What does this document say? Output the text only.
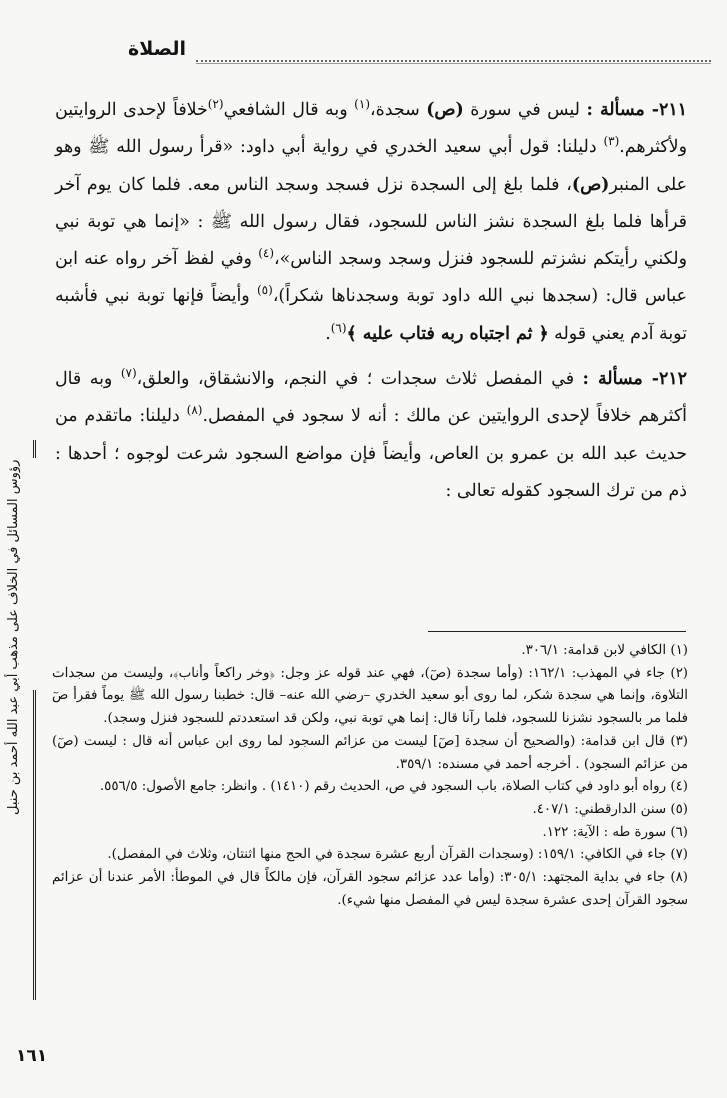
الصلاة

٢١١- مسألة : ليس في سورة (ص) سجدة،$^{(١)}$ وبه قال الشافعي$^{(٢)}$خلافاً لإحدى الروايتين ولأكثرهم.$^{(٣)}$ دليلنا: قول أبي سعيد الخدري في رواية أبي داود: «قرأ رسول الله ﷺ وهو على المنبر(ص)، فلما بلغ إلى السجدة نزل فسجد وسجد الناس معه. فلما كان يوم آخر قرأها فلما بلغ السجدة نشز الناس للسجود، فقال رسول الله ﷺ : «إنما هي توبة نبي ولكني رأيتكم نشزتم للسجود فنزل وسجد وسجد الناس»،$^{(٤)}$ وفي لفظ آخر رواه عنه ابن عباس قال: (سجدها نبي الله داود توبة وسجدناها شكراً)،$^{(٥)}$ وأيضاً فإنها توبة نبي فأشبه توبة آدم يعني قوله ﴿ ثم اجتباه ربه فتاب عليه ﴾$^{(٦)}$.

٢١٢- مسألة : في المفصل ثلاث سجدات ؛ في النجم، والانشقاق، والعلق،$^{(٧)}$ وبه قال أكثرهم خلافاً لإحدى الروايتين عن مالك : أنه لا سجود في المفصل.$^{(٨)}$ دليلنا: ماتقدم من حديث عبد الله بن عمرو بن العاص، وأيضاً فإن مواضع السجود شرعت لوجوه ؛ أحدها : ذم من ترك السجود كقوله تعالى :

(١) الكافي لابن قدامة: ٣٠٦/١.

(٢) جاء في المهذب: ١٦٢/١: (وأما سجدة (صٓ)، فهي عند قوله عز وجل: ﴿وخر راكعاً وأناب﴾، وليست من سجدات التلاوة، وإنما هي سجدة شكر، لما روى أبو سعيد الخدري –رضي الله عنه– قال: خطبنا رسول الله ﷺ يوماً فقرأ صٓ فلما مر بالسجود نشزنا للسجود، فلما رآنا قال: إنما هي توبة نبي، ولكن قد استعددتم للسجود فنزل وسجد).

(٣) قال ابن قدامة: (والصحيح أن سجدة [صٓ] ليست من عزائم السجود لما روى ابن عباس أنه قال : ليست (صٓ) من عزائم السجود) . أخرجه أحمد في مسنده: ٣٥٩/١.

(٤) رواه أبو داود في كتاب الصلاة، باب السجود في ص، الحديث رقم (١٤١٠) . وانظر: جامع الأصول: ٥٥٦/٥.

(٥) سنن الدارقطني: ٤٠٧/١.

(٦) سورة طه : الآية: ١٢٢.

(٧) جاء في الكافي: ١٥٩/١: (وسجدات القرآن أربع عشرة سجدة في الحج منها اثنتان، وثلاث في المفصل).

(٨) جاء في بداية المجتهد: ٣٠٥/١: (وأما عدد عزائم سجود القرآن، فإن مالكاً قال في الموطأ: الأمر عندنا أن عزائم سجود القرآن إحدى عشرة سجدة ليس في المفصل منها شيء).

رؤوس المسائل في الخلاف على مذهب أبي عبد الله أحمد بن حنبل
١٦١
